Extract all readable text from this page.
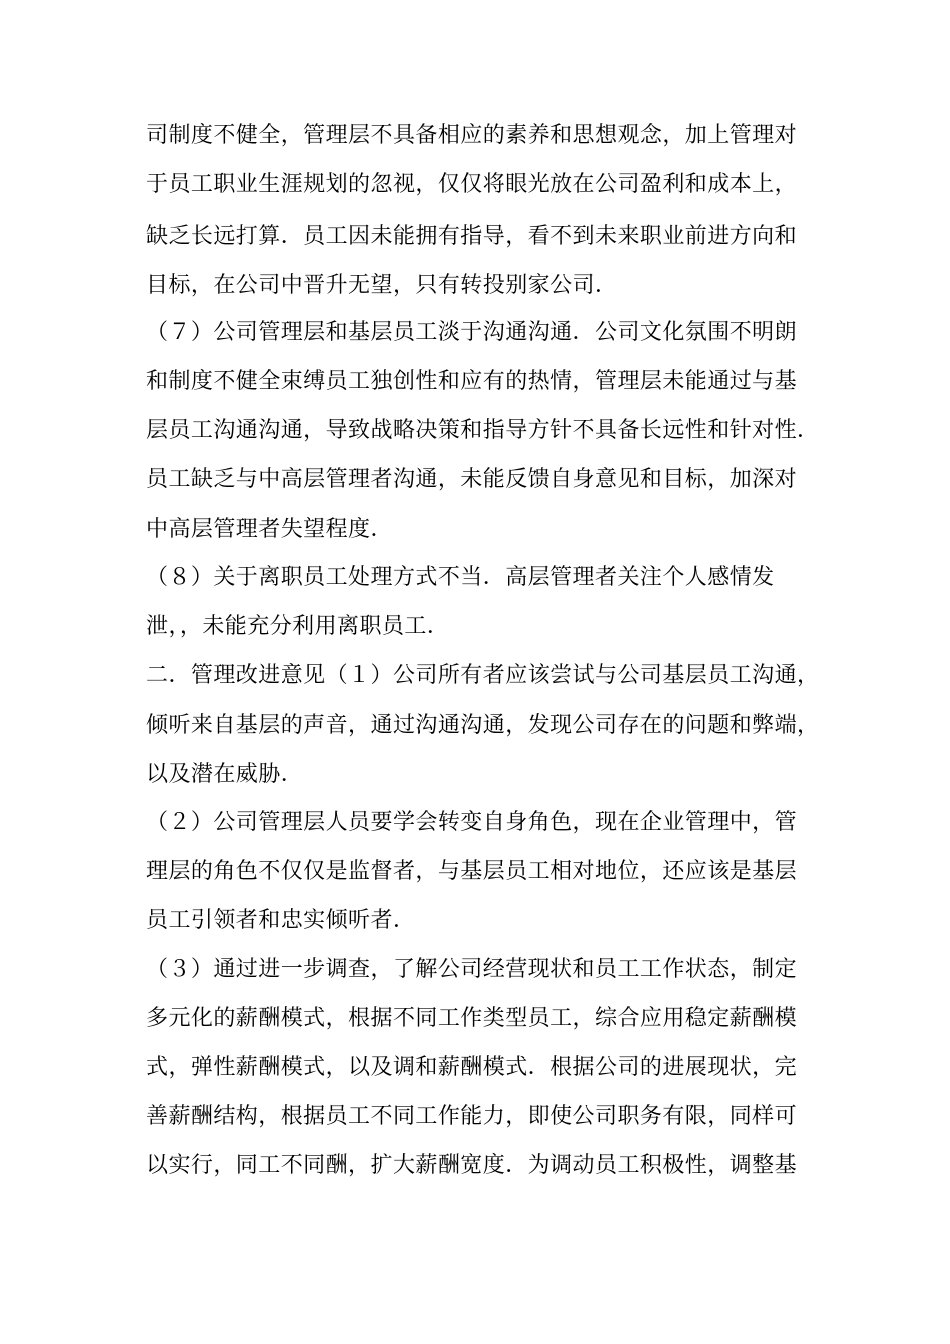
司制度不健全，管理层不具备相应的素养和思想观念，加上管理对
于员工职业生涯规划的忽视，仅仅将眼光放在公司盈利和成本上，
缺乏长远打算．员工因未能拥有指导，看不到未来职业前进方向和
目标，在公司中晋升无望，只有转投别家公司．
（７）公司管理层和基层员工淡于沟通沟通．公司文化氛围不明朗
和制度不健全束缚员工独创性和应有的热情，管理层未能通过与基
层员工沟通沟通，导致战略决策和指导方针不具备长远性和针对性．
员工缺乏与中高层管理者沟通，未能反馈自身意见和目标，加深对
中高层管理者失望程度．
（８）关于离职员工处理方式不当．高层管理者关注个人感情发
泄，，未能充分利用离职员工．
二．管理改进意见（１）公司所有者应该尝试与公司基层员工沟通，
倾听来自基层的声音，通过沟通沟通，发现公司存在的问题和弊端，
以及潜在威胁．
（２）公司管理层人员要学会转变自身角色，现在企业管理中，管
理层的角色不仅仅是监督者，与基层员工相对地位，还应该是基层
员工引领者和忠实倾听者．
（３）通过进一步调查，了解公司经营现状和员工工作状态，制定
多元化的薪酬模式，根据不同工作类型员工，综合应用稳定薪酬模
式，弹性薪酬模式，以及调和薪酬模式．根据公司的进展现状，完
善薪酬结构，根据员工不同工作能力，即使公司职务有限，同样可
以实行，同工不同酬，扩大薪酬宽度．为调动员工积极性，调整基
